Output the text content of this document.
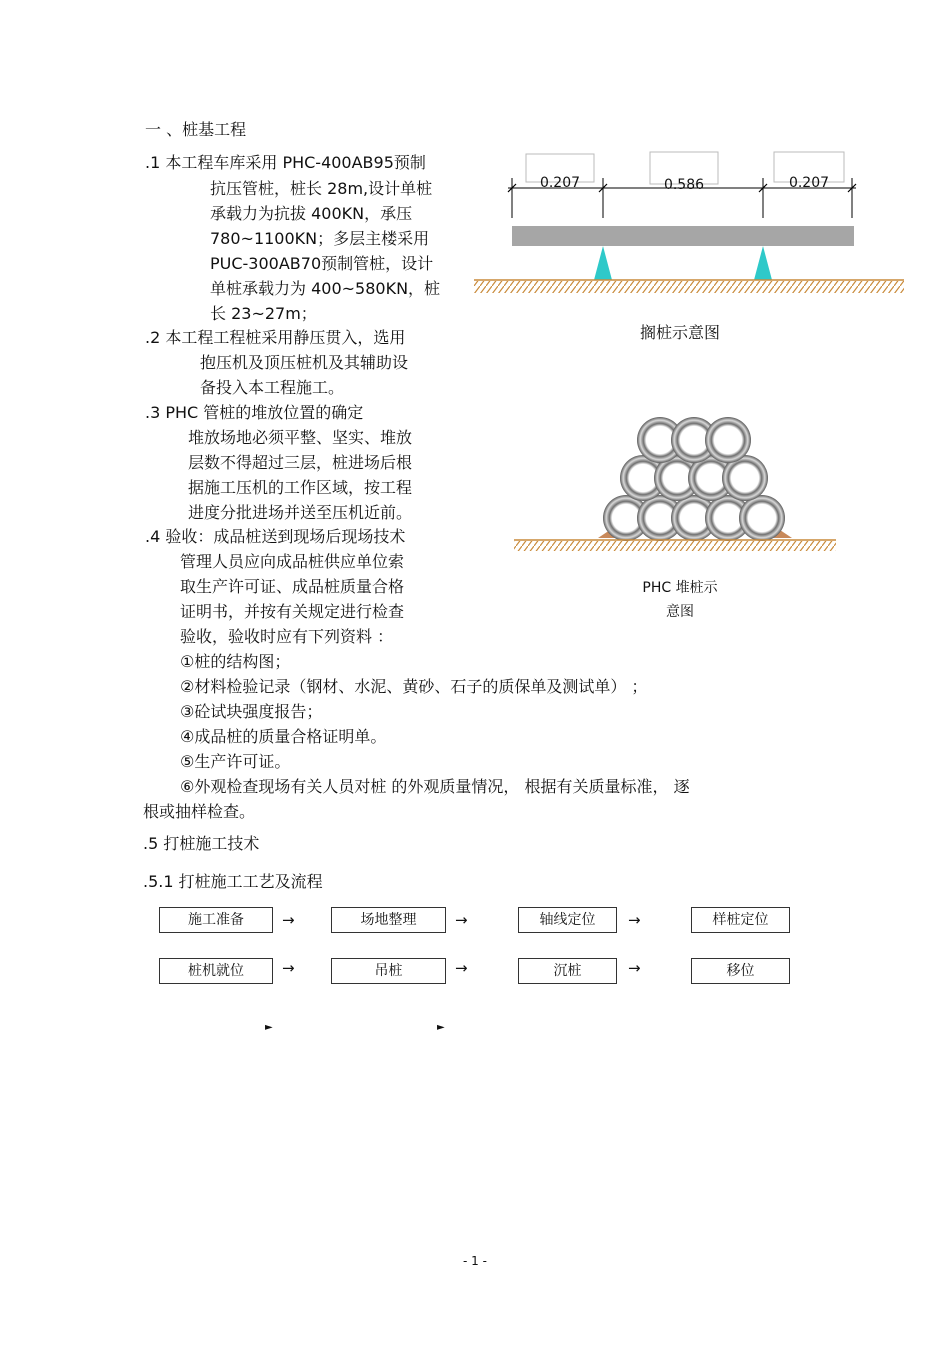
一 、桩基工程
.1 本工程车库采用 PHC-400AB95预制
抗压管桩，桩长 28m,设计单桩
承载力为抗拔 400KN，承压
780~1100KN；多层主楼采用
PUC-300AB70预制管桩，设计
单桩承载力为 400~580KN，桩
长 23~27m；
.2 本工程工程桩采用静压贯入，选用
抱压机及顶压桩机及其辅助设
备投入本工程施工。
.3 PHC 管桩的堆放位置的确定
堆放场地必须平整、坚实、堆放
层数不得超过三层，桩进场后根
据施工压机的工作区域，按工程
进度分批进场并送至压机近前。
.4 验收：成品桩送到现场后现场技术
管理人员应向成品桩供应单位索
取生产许可证、成品桩质量合格
证明书，并按有关规定进行检查
验收，验收时应有下列资料 ：
①桩的结构图；
②材料检验记录（钢材、水泥、黄砂、石子的质保单及测试单） ；
③砼试块强度报告；
④成品桩的质量合格证明单。
⑤生产许可证。
⑥外观检查现场有关人员对桩 的外观质量情况， 根据有关质量标准， 逐
根或抽样检查。
.5 打桩施工技术
.5.1 打桩施工工艺及流程
0.207	0.586	0.207
搁桩示意图
PHC 堆桩示
意图
施工准备	→	场地整理	→	轴线定位	→	样桩定位
桩机就位	→	吊桩	→	沉桩	→	移位
►	►
- 1 -
